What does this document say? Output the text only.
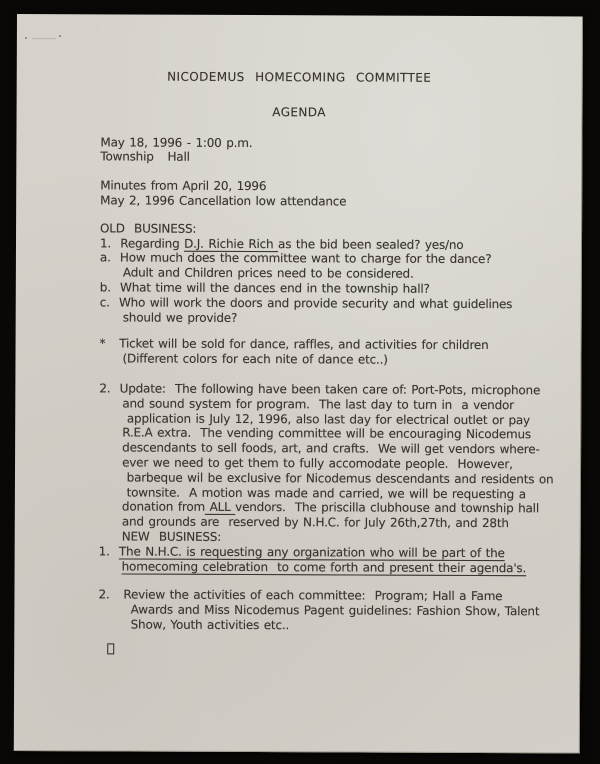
NICODEMUS  HOMECOMING  COMMITTEE
AGENDA
May 18, 1996 - 1:00 p.m.
Township   Hall
Minutes from April 20, 1996
May 2, 1996 Cancellation low attendance
OLD  BUSINESS:
1.  Regarding D.J. Richie Rich as the bid been sealed? yes/no
a.  How much does the committee want to charge for the dance?
Adult and Children prices need to be considered.
b.  What time will the dances end in the township hall?
c.  Who will work the doors and provide security and what guidelines
should we provide?
*   Ticket will be sold for dance, raffles, and activities for children
(Different colors for each nite of dance etc..)
2.  Update:  The following have been taken care of: Port-Pots, microphone
and sound system for program.  The last day to turn in  a vendor
application is July 12, 1996, also last day for electrical outlet or pay
R.E.A extra.  The vending committee will be encouraging Nicodemus
descendants to sell foods, art, and crafts.  We will get vendors where-
ever we need to get them to fully accomodate people.  However,
barbeque wil be exclusive for Nicodemus descendants and residents on
townsite.  A motion was made and carried, we will be requesting a
donation from ALL vendors.  The priscilla clubhouse and township hall
and grounds are  reserved by N.H.C. for July 26th,27th, and 28th
NEW  BUSINESS:
1.  The N.H.C. is requesting any organization who will be part of the
homecoming celebration  to come forth and present their agenda's.
2.   Review the activities of each committee:  Program; Hall a Fame
Awards and Miss Nicodemus Pagent guidelines: Fashion Show, Talent
Show, Youth activities etc..
